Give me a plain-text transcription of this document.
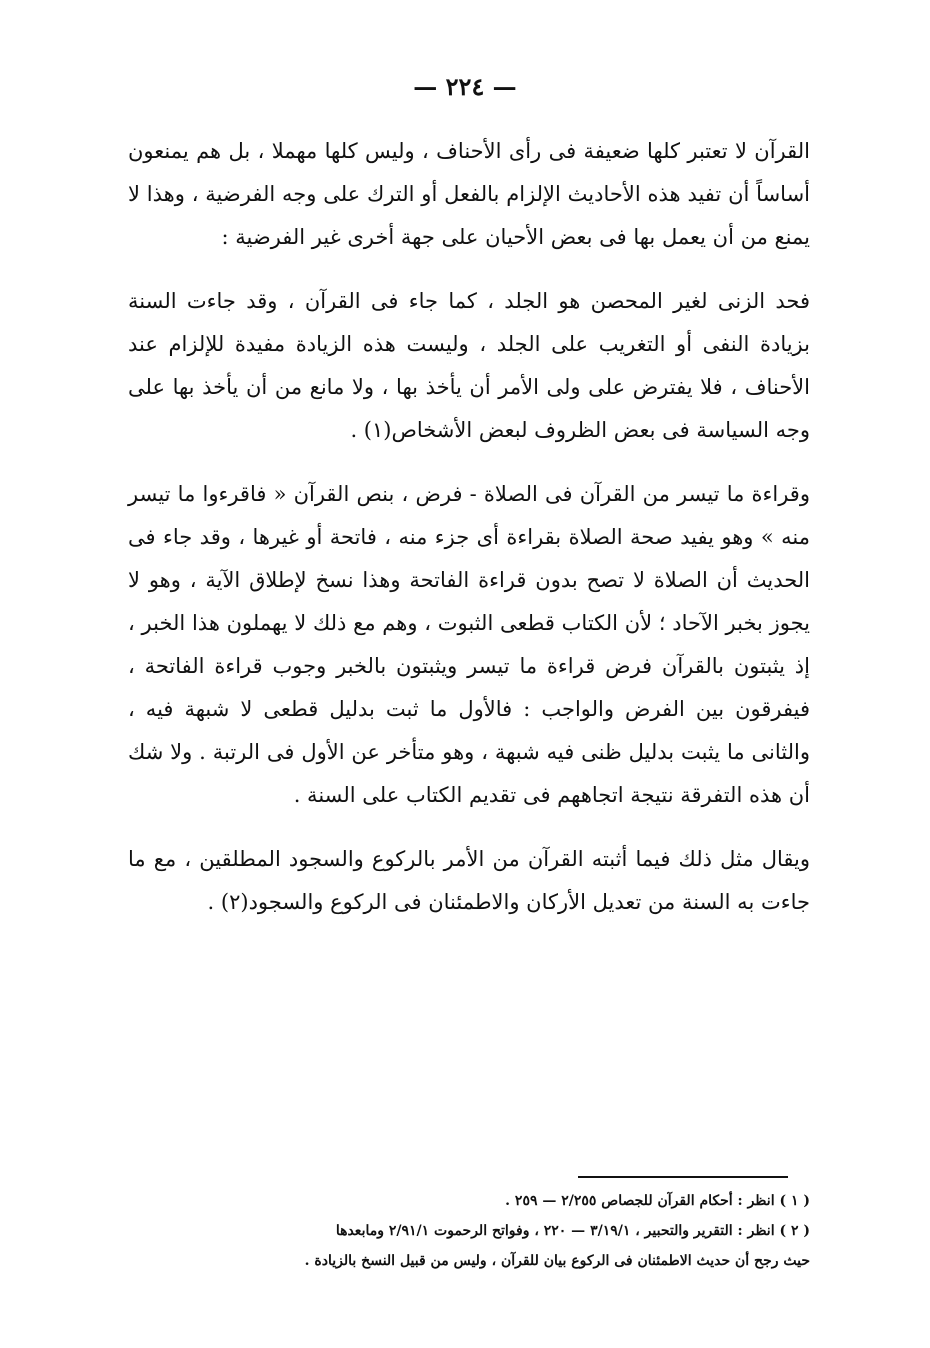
— ٢٢٤ —

القرآن لا تعتبر كلها ضعيفة فى رأى الأحناف ، وليس كلها مهملا ، بل هم يمنعون أساساً أن تفيد هذه الأحاديث الإلزام بالفعل أو الترك على وجه الفرضية ، وهذا لا يمنع من أن يعمل بها فى بعض الأحيان على جهة أخرى غير الفرضية :

فحد الزنى لغير المحصن هو الجلد ، كما جاء فى القرآن ، وقد جاءت السنة بزيادة النفى أو التغريب على الجلد ، وليست هذه الزيادة مفيدة للإلزام عند الأحناف ، فلا يفترض على ولى الأمر أن يأخذ بها ، ولا مانع من أن يأخذ بها على وجه السياسة فى بعض الظروف لبعض الأشخاص(١) .

وقراءة ما تيسر من القرآن فى الصلاة - فرض ، بنص القرآن « فاقرءوا ما تيسر منه » وهو يفيد صحة الصلاة بقراءة أى جزء منه ، فاتحة أو غيرها ، وقد جاء فى الحديث أن الصلاة لا تصح بدون قراءة الفاتحة وهذا نسخ لإطلاق الآية ، وهو لا يجوز بخبر الآحاد ؛ لأن الكتاب قطعى الثبوت ، وهم مع ذلك لا يهملون هذا الخبر ، إذ يثبتون بالقرآن فرض قراءة ما تيسر ويثبتون بالخبر وجوب قراءة الفاتحة ، فيفرقون بين الفرض والواجب : فالأول ما ثبت بدليل قطعى لا شبهة فيه ، والثانى ما يثبت بدليل ظنى فيه شبهة ، وهو متأخر عن الأول فى الرتبة . ولا شك أن هذه التفرقة نتيجة اتجاههم فى تقديم الكتاب على السنة .

ويقال مثل ذلك فيما أثبته القرآن من الأمر بالركوع والسجود المطلقين ، مع ما جاءت به السنة من تعديل الأركان والاطمئنان فى الركوع والسجود(٢) .

( ١ ) انظر : أحكام القرآن للجصاص ٢/٢٥٥ — ٢٥٩ .

( ٢ ) انظر : التقرير والتحبير ، ٣/١٩/١ — ٢٢٠ ، وفواتح الرحموت ٢/٩١/١ ومابعدها

حيث رجح أن حديث الاطمئنان فى الركوع بيان للقرآن ، وليس من قبيل النسخ بالزيادة .
